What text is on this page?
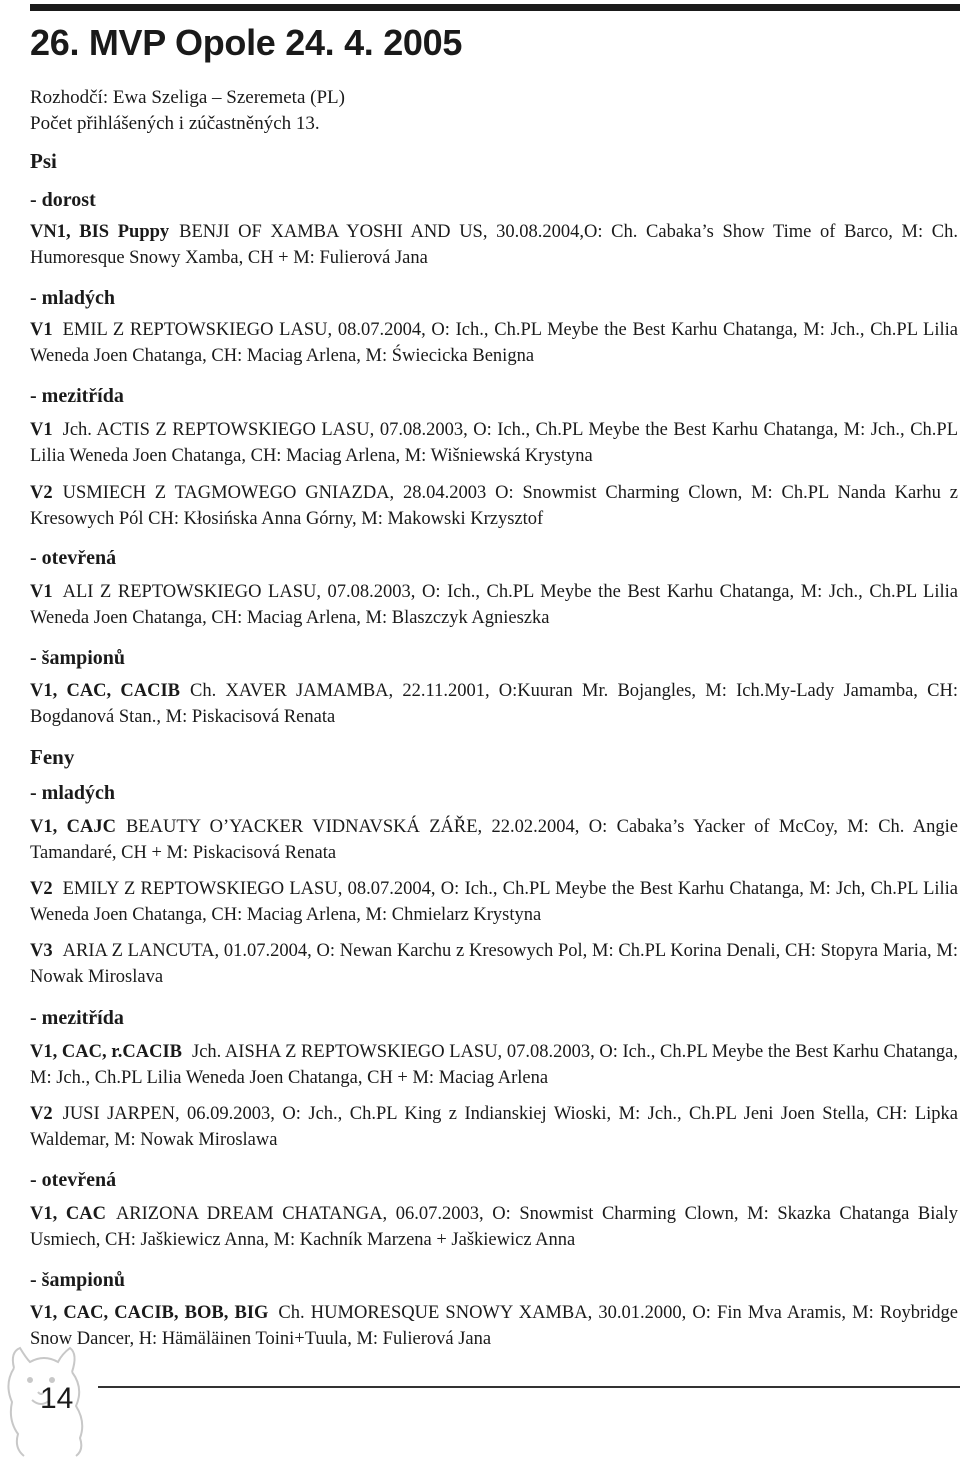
26. MVP Opole 24. 4. 2005
Rozhodčí: Ewa Szeliga – Szeremeta (PL)
Počet přihlášených i zúčastněných 13.
Psi
- dorost

VN1, BIS Puppy BENJI OF XAMBA YOSHI AND US, 30.08.2004,O: Ch. Cabaka’s Show Time of Barco, M: Ch. Humoresque Snowy Xamba, CH + M: Fulierová Jana

- mladých

V1 EMIL Z REPTOWSKIEGO LASU, 08.07.2004, O: Ich., Ch.PL Meybe the Best Karhu Chatanga, M: Jch., Ch.PL Lilia Weneda Joen Chatanga, CH: Maciag Arlena, M: Świecicka Benigna

- mezitřída

V1 Jch. ACTIS Z REPTOWSKIEGO LASU, 07.08.2003, O: Ich., Ch.PL Meybe the Best Karhu Chatanga, M: Jch., Ch.PL Lilia Weneda Joen Chatanga, CH: Maciag Arlena, M: Wišniewská Krystyna

V2 USMIECH Z TAGMOWEGO GNIAZDA, 28.04.2003 O: Snowmist Charming Clown, M: Ch.PL Nanda Karhu z Kresowych Pól CH: Kłosińska Anna Górny, M: Makowski Krzysztof

- otevřená

V1 ALI Z REPTOWSKIEGO LASU, 07.08.2003, O: Ich., Ch.PL Meybe the Best Karhu Chatanga, M: Jch., Ch.PL Lilia Weneda Joen Chatanga, CH: Maciag Arlena, M: Blaszczyk Agnieszka

- šampionů

V1, CAC, CACIB Ch. XAVER JAMAMBA, 22.11.2001, O:Kuuran Mr. Bojangles, M: Ich.My-Lady Jamamba, CH: Bogdanová Stan., M: Piskacisová Renata

Feny
- mladých

V1, CAJC BEAUTY O’YACKER VIDNAVSKÁ ZÁŘE, 22.02.2004, O: Cabaka’s Yacker of McCoy, M: Ch. Angie Tamandaré, CH + M: Piskacisová Renata

V2 EMILY Z REPTOWSKIEGO LASU, 08.07.2004, O: Ich., Ch.PL Meybe the Best Karhu Chatanga, M: Jch, Ch.PL Lilia Weneda Joen Chatanga, CH: Maciag Arlena, M: Chmielarz Krystyna

V3 ARIA Z LANCUTA, 01.07.2004, O: Newan Karchu z Kresowych Pol, M: Ch.PL Korina Denali, CH: Stopyra Maria, M: Nowak Miroslava

- mezitřída

V1, CAC, r.CACIB Jch. AISHA Z REPTOWSKIEGO LASU, 07.08.2003, O: Ich., Ch.PL Meybe the Best Karhu Chatanga, M: Jch., Ch.PL Lilia Weneda Joen Chatanga, CH + M: Maciag Arlena

V2 JUSI JARPEN, 06.09.2003, O: Jch., Ch.PL King z Indianskiej Wioski, M: Jch., Ch.PL Jeni Joen Stella, CH: Lipka Waldemar, M: Nowak Miroslawa

- otevřená

V1, CAC ARIZONA DREAM CHATANGA, 06.07.2003, O: Snowmist Charming Clown, M: Skazka Chatanga Bialy Usmiech, CH: Jaškiewicz Anna, M: Kachník Marzena + Jaškiewicz Anna

- šampionů

V1, CAC, CACIB, BOB, BIG Ch. HUMORESQUE SNOWY XAMBA, 30.01.2000, O: Fin Mva Aramis, M: Roybridge Snow Dancer, H: Hämäläinen Toini+Tuula, M: Fulierová Jana

14
